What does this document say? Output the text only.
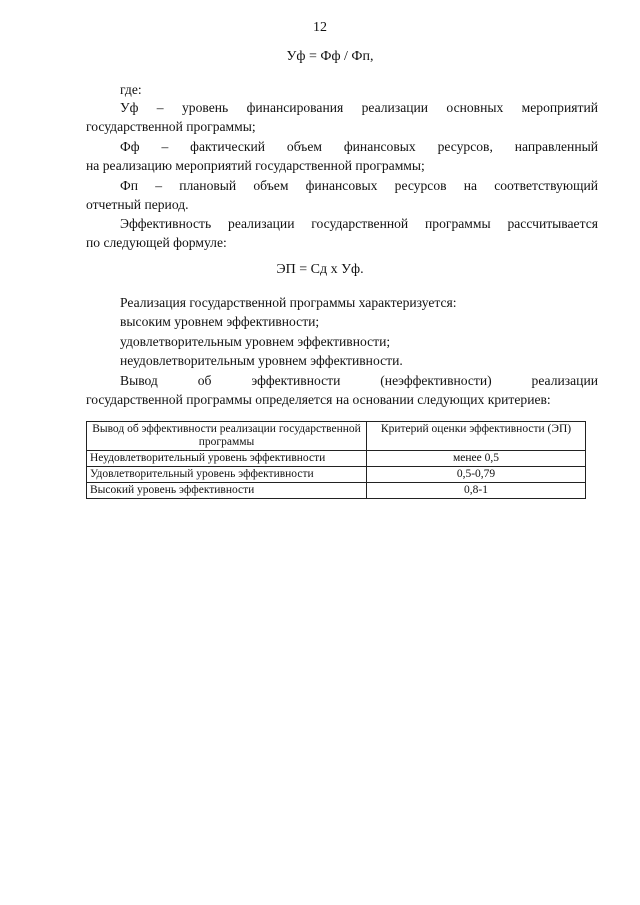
12
Уф = Фф / Фп,
где:
Уф – уровень финансирования реализации основных мероприятий
государственной программы;
Фф – фактический объем финансовых ресурсов, направленный
на реализацию мероприятий государственной программы;
Фп – плановый объем финансовых ресурсов на соответствующий
отчетный период.
Эффективность реализации государственной программы рассчитывается
по следующей формуле:
ЭП = Сд х Уф.
Реализация государственной программы характеризуется:
высоким уровнем эффективности;
удовлетворительным уровнем эффективности;
неудовлетворительным уровнем эффективности.
Вывод об эффективности (неэффективности) реализации
государственной программы определяется на основании следующих критериев:
Вывод об эффективности реализации государственной программы	Критерий оценки эффективности (ЭП)
Неудовлетворительный уровень эффективности	менее 0,5
Удовлетворительный уровень эффективности	0,5-0,79
Высокий уровень эффективности	0,8-1
